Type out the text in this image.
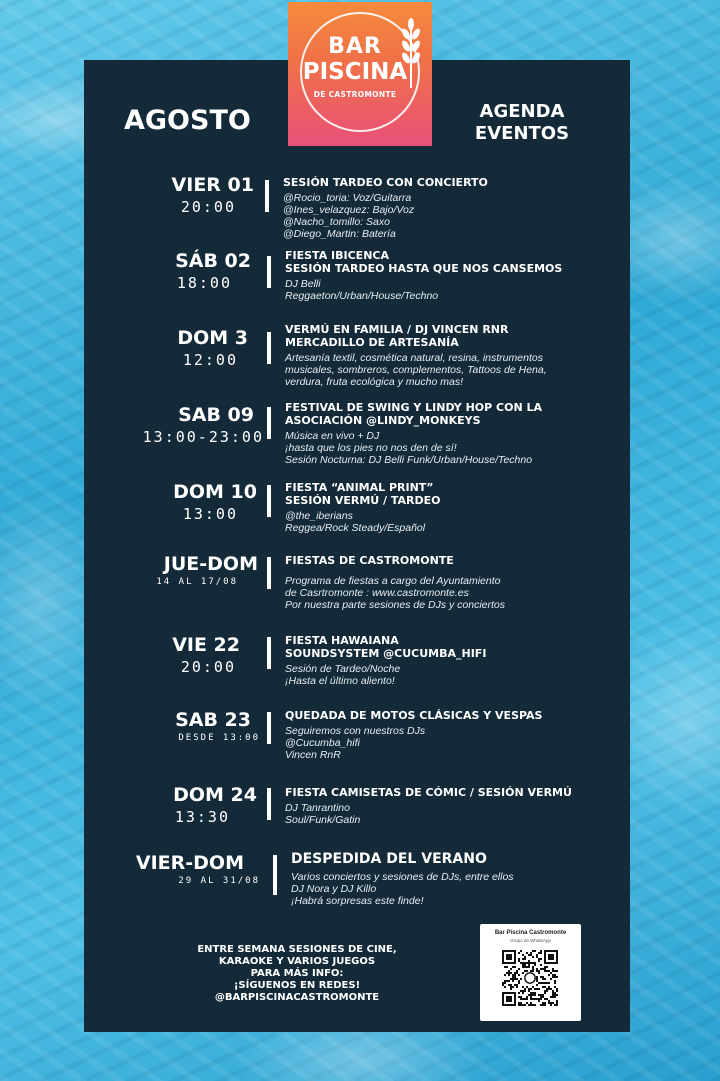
BAR
PISCINA
DE CASTROMONTE
AGOSTO	AGENDA
EVENTOS
VIER 01
20:00
SESIÓN TARDEO CON CONCIERTO
@Rocio_toria: Voz/Guitarra
@Ines_velazquez: Bajo/Voz
@Nacho_tomillo: Saxo
@Diego_Martin: Batería
SÁB 02
18:00
FIESTA IBICENCA
SESIÓN TARDEO HASTA QUE NOS CANSEMOS
DJ Belli
Reggaeton/Urban/House/Techno
DOM 3
12:00
VERMÚ EN FAMILIA / DJ VINCEN RNR
MERCADILLO DE ARTESANÍA
Artesanía textil, cosmética natural, resina, instrumentos
musicales, sombreros, complementos, Tattoos de Hena,
verdura, fruta ecológica y mucho mas!
SAB 09
13:00-23:00
FESTIVAL DE SWING Y LINDY HOP CON LA
ASOCIACIÓN @LINDY_MONKEYS
Música en vivo + DJ
¡hasta que los pies no nos den de sí!
Sesión Nocturna: DJ Belli Funk/Urban/House/Techno
DOM 10
13:00
FIESTA “ANIMAL PRINT”
SESIÓN VERMÚ / TARDEO
@the_iberians
Reggea/Rock Steady/Español
JUE-DOM
14 AL 17/08
FIESTAS DE CASTROMONTE
Programa de fiestas a cargo del Ayuntamiento
de Casrtromonte : www.castromonte.es
Por nuestra parte sesiones de DJs y conciertos
VIE 22
20:00
FIESTA HAWAIANA
SOUNDSYSTEM @CUCUMBA_HIFI
Sesión de Tardeo/Noche
¡Hasta el último aliento!
SAB 23
DESDE 13:00
QUEDADA DE MOTOS CLÁSICAS Y VESPAS
Seguiremos con nuestros DJs
@Cucumba_hifi
Vincen RnR
DOM 24
13:30
FIESTA CAMISETAS DE CÓMIC / SESIÓN VERMÚ
DJ Tanrantino
Soul/Funk/Gatin
VIER-DOM
29 AL 31/08
DESPEDIDA DEL VERANO
Varios conciertos y sesiones de DJs, entre ellos
DJ Nora y DJ Killo
¡Habrá sorpresas este finde!
ENTRE SEMANA SESIONES DE CINE,
KARAOKE Y VARIOS JUEGOS
PARA MÁS INFO:
¡SÍGUENOS EN REDES!
@BARPISCINACASTROMONTE
Bar Piscina Castromonte
Grupo de WhatsApp
